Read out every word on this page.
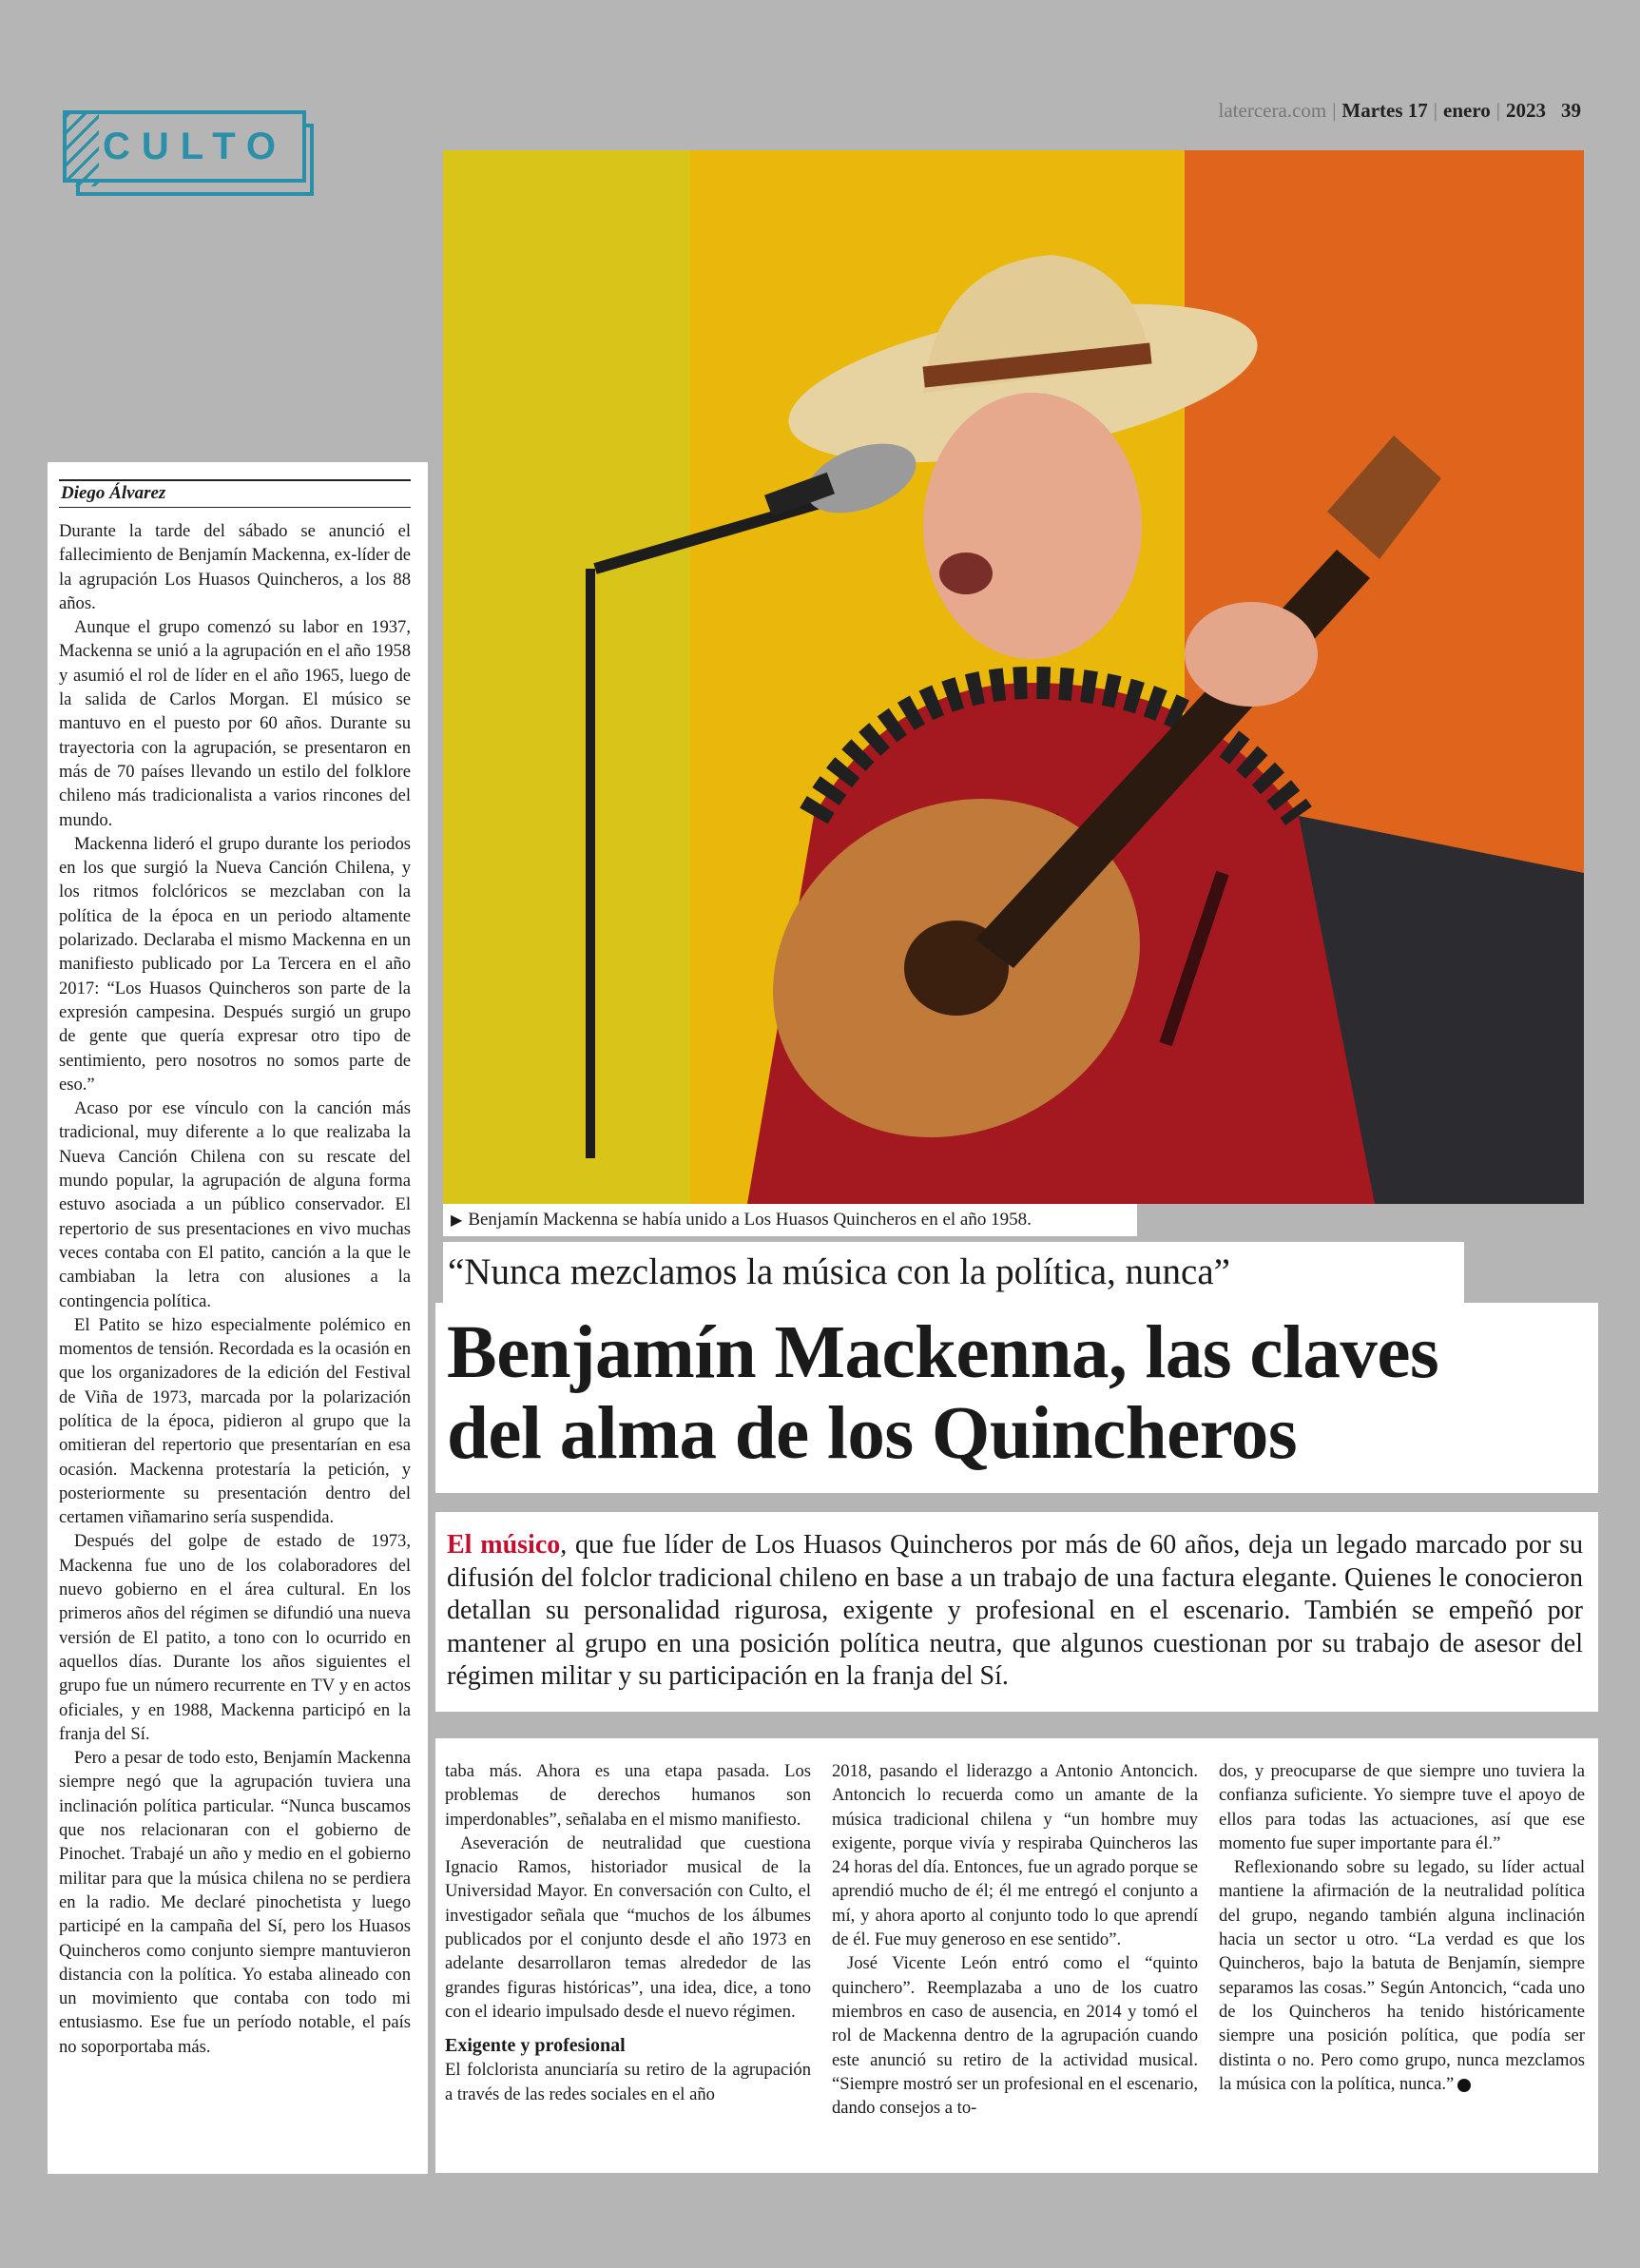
CULTO
latercera.com | Martes 17 | enero | 2023 39
▶ Benjamín Mackenna se había unido a Los Huasos Quincheros en el año 1958.
Diego Álvarez

Durante la tarde del sábado se anunció el fallecimiento de Benjamín Mackenna, ex-líder de la agrupación Los Huasos Quincheros, a los 88 años.

Aunque el grupo comenzó su labor en 1937, Mackenna se unió a la agrupación en el año 1958 y asumió el rol de líder en el año 1965, luego de la salida de Carlos Morgan. El músico se mantuvo en el puesto por 60 años. Durante su trayectoria con la agrupación, se presentaron en más de 70 países llevando un estilo del folklore chileno más tradicionalista a varios rincones del mundo.

Mackenna lideró el grupo durante los periodos en los que surgió la Nueva Canción Chilena, y los ritmos folclóricos se mezclaban con la política de la época en un periodo altamente polarizado. Declaraba el mismo Mackenna en un manifiesto publicado por La Tercera en el año 2017: “Los Huasos Quincheros son parte de la expresión campesina. Después surgió un grupo de gente que quería expresar otro tipo de sentimiento, pero nosotros no somos parte de eso.”

Acaso por ese vínculo con la canción más tradicional, muy diferente a lo que realizaba la Nueva Canción Chilena con su rescate del mundo popular, la agrupación de alguna forma estuvo asociada a un público conservador. El repertorio de sus presentaciones en vivo muchas veces contaba con El patito, canción a la que le cambiaban la letra con alusiones a la contingencia política.

El Patito se hizo especialmente polémico en momentos de tensión. Recordada es la ocasión en que los organizadores de la edición del Festival de Viña de 1973, marcada por la polarización política de la época, pidieron al grupo que la omitieran del repertorio que presentarían en esa ocasión. Mackenna protestaría la petición, y posteriormente su presentación dentro del certamen viñamarino sería suspendida.

Después del golpe de estado de 1973, Mackenna fue uno de los colaboradores del nuevo gobierno en el área cultural. En los primeros años del régimen se difundió una nueva versión de El patito, a tono con lo ocurrido en aquellos días. Durante los años siguientes el grupo fue un número recurrente en TV y en actos oficiales, y en 1988, Mackenna participó en la franja del Sí.

Pero a pesar de todo esto, Benjamín Mackenna siempre negó que la agrupación tuviera una inclinación política particular. “Nunca buscamos que nos relacionaran con el gobierno de Pinochet. Trabajé un año y medio en el gobierno militar para que la música chilena no se perdiera en la radio. Me declaré pinochetista y luego participé en la campaña del Sí, pero los Huasos Quincheros como conjunto siempre mantuvieron distancia con la política. Yo estaba alineado con un movimiento que contaba con todo mi entusiasmo. Ese fue un período notable, el país no soporportaba más.

“Nunca mezclamos la música con la política, nunca”
Benjamín Mackenna, las claves
del alma de los Quincheros
El músico, que fue líder de Los Huasos Quincheros por más de 60 años, deja un legado marcado por su difusión del folclor tradicional chileno en base a un trabajo de una factura elegante. Quienes le conocieron detallan su personalidad rigurosa, exigente y profesional en el escenario. También se empeñó por mantener al grupo en una posición política neutra, que algunos cuestionan por su trabajo de asesor del régimen militar y su participación en la franja del Sí.

taba más. Ahora es una etapa pasada. Los problemas de derechos humanos son imperdonables”, señalaba en el mismo manifiesto.

Aseveración de neutralidad que cuestiona Ignacio Ramos, historiador musical de la Universidad Mayor. En conversación con Culto, el investigador señala que “muchos de los álbumes publicados por el conjunto desde el año 1973 en adelante desarrollaron temas alrededor de las grandes figuras históricas”, una idea, dice, a tono con el ideario impulsado desde el nuevo régimen.

Exigente y profesional

El folclorista anunciaría su retiro de la agrupación a través de las redes sociales en el año

2018, pasando el liderazgo a Antonio Antoncich. Antoncich lo recuerda como un amante de la música tradicional chilena y “un hombre muy exigente, porque vivía y respiraba Quincheros las 24 horas del día. Entonces, fue un agrado porque se aprendió mucho de él; él me entregó el conjunto a mí, y ahora aporto al conjunto todo lo que aprendí de él. Fue muy generoso en ese sentido”.

José Vicente León entró como el “quinto quinchero”. Reemplazaba a uno de los cuatro miembros en caso de ausencia, en 2014 y tomó el rol de Mackenna dentro de la agrupación cuando este anunció su retiro de la actividad musical. “Siempre mostró ser un profesional en el escenario, dando consejos a to-

dos, y preocuparse de que siempre uno tuviera la confianza suficiente. Yo siempre tuve el apoyo de ellos para todas las actuaciones, así que ese momento fue super importante para él.”

Reflexionando sobre su legado, su líder actual mantiene la afirmación de la neutralidad política del grupo, negando también alguna inclinación hacia un sector u otro. “La verdad es que los Quincheros, bajo la batuta de Benjamín, siempre separamos las cosas.” Según Antoncich, “cada uno de los Quincheros ha tenido históricamente siempre una posición política, que podía ser distinta o no. Pero como grupo, nunca mezclamos la música con la política, nunca.”
